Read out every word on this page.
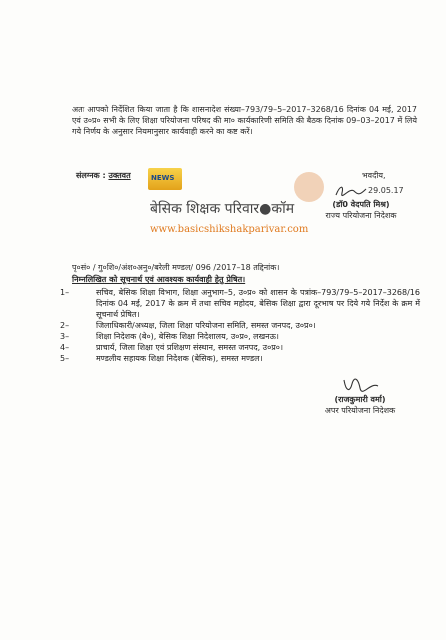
अतः आपको निर्देशित किया जाता है कि शासनादेश संख्या–793/79–5–2017–3268/16 दिनांक 04 मई, 2017 एवं उ०प्र० सभी के लिए शिक्षा परियोजना परिषद की मा० कार्यकारिणी समिति की बैठक दिनांक 09–03–2017 में लिये गये निर्णय के अनुसार नियमानुसार कार्यवाही करने का कष्ट करें।
संलग्नक : उक्तवत	भवदीय,
29.05.17
(डॉ0 वेदपति मिश्र)
राज्य परियोजना निदेशक
NEWS
बेसिक शिक्षक परिवार●कॉम
www.basicshikshakparivar.com
पृ०सं० / गु०शि०/अंश०अनु०/बरेली मण्डल/ 096 /2017–18 तद्दिनांक।
निम्नलिखित को सूचनार्थ एवं आवश्यक कार्यवाही हेतु प्रेषित।
1–	सचिव, बेसिक शिक्षा विभाग, शिक्षा अनुभाग–5, उ०प्र० को शासन के पत्रांक–793/79–5–2017–3268/16 दिनांक 04 मई, 2017 के क्रम में तथा सचिव महोदय, बेसिक शिक्षा द्वारा दूरभाष पर दिये गये निर्देश के क्रम में सूचनार्थ प्रेषित।
2–	जिलाधिकारी/अध्यक्ष, जिला शिक्षा परियोजना समिति, समस्त जनपद, उ०प्र०।
3–	शिक्षा निदेशक (बे०), बेसिक शिक्षा निदेशालय, उ०प्र०, लखनऊ।
4–	प्राचार्य, जिला शिक्षा एवं प्रशिक्षण संस्थान, समस्त जनपद, उ०प्र०।
5–	मण्डलीय सहायक शिक्षा निदेशक (बेसिक), समस्त मण्डल।
(राजकुमारी वर्मा)
अपर परियोजना निदेशक
